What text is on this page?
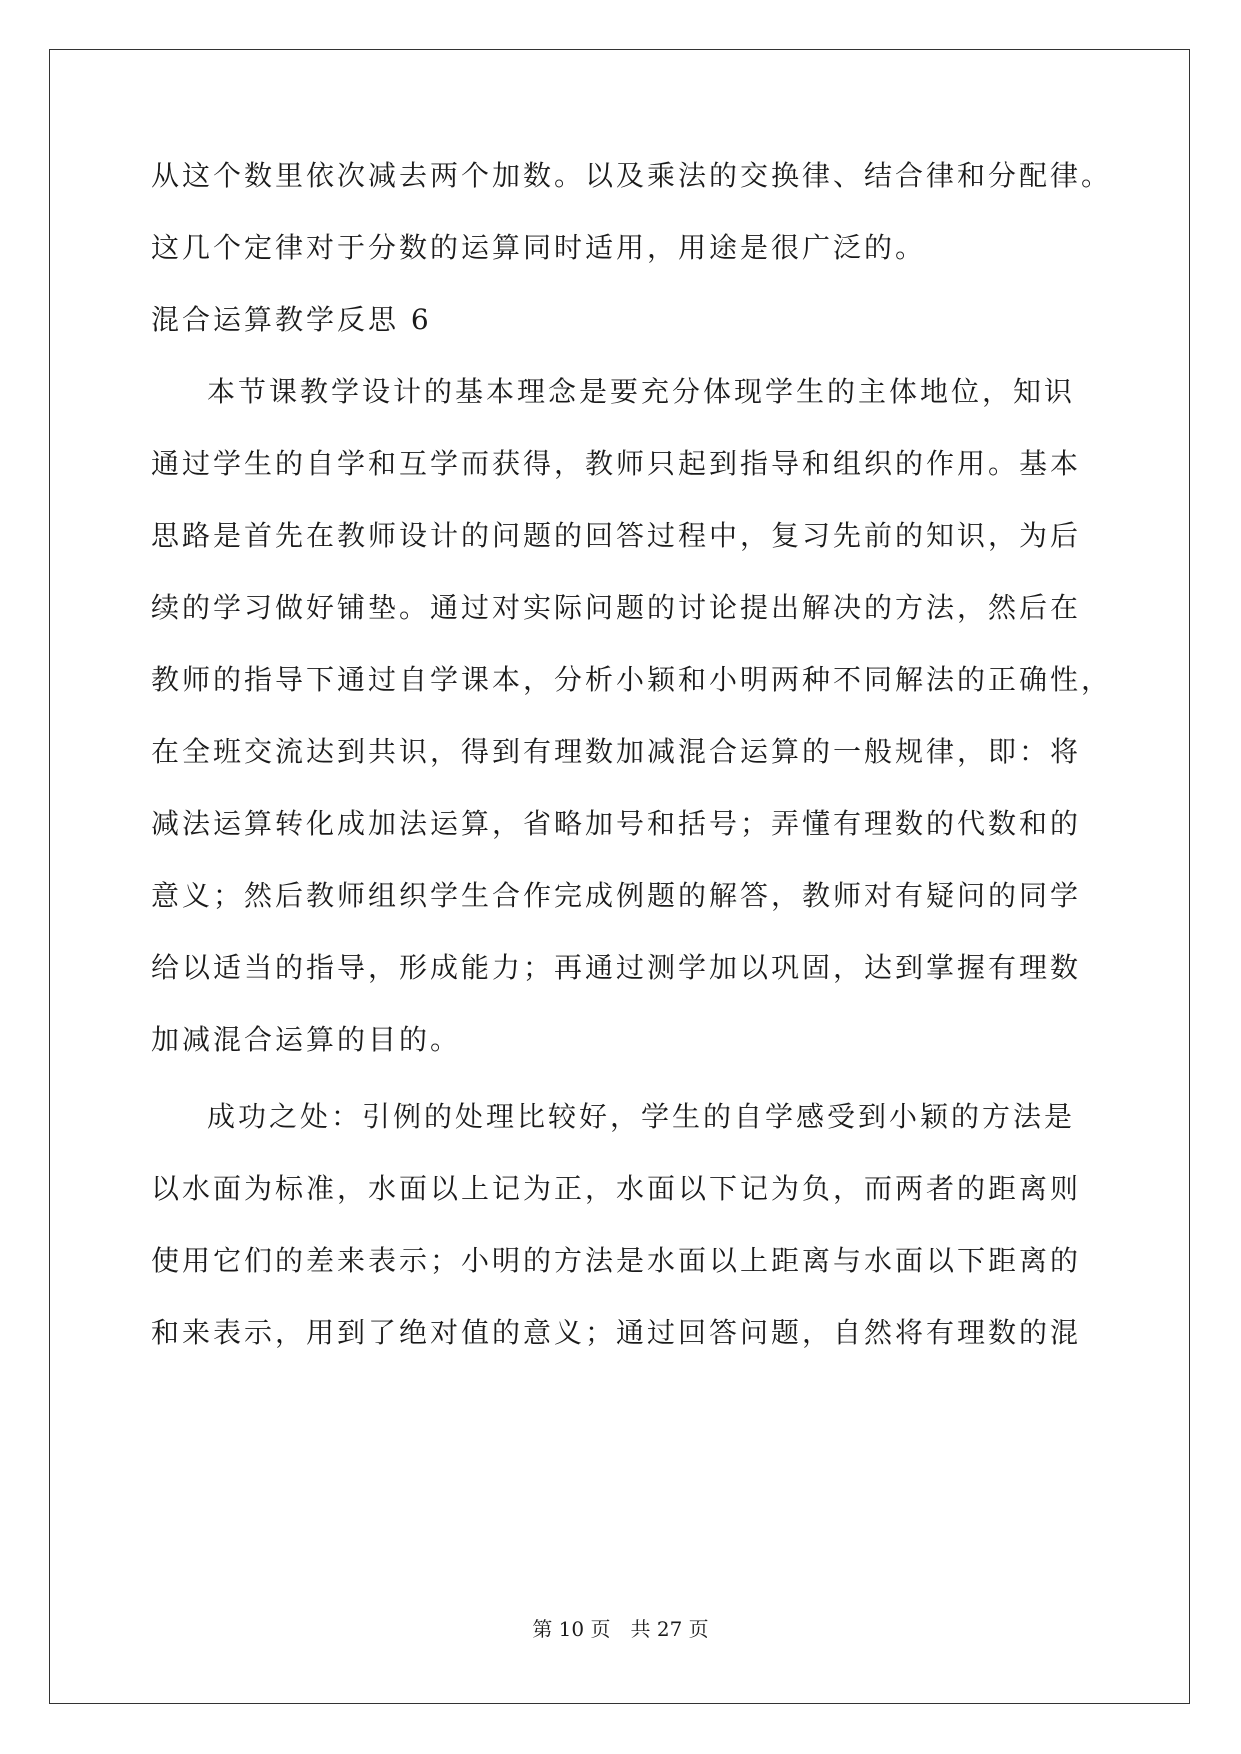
从这个数里依次减去两个加数。以及乘法的交换律、结合律和分配律。
这几个定律对于分数的运算同时适用，用途是很广泛的。
混合运算教学反思 6
本节课教学设计的基本理念是要充分体现学生的主体地位，知识
通过学生的自学和互学而获得，教师只起到指导和组织的作用。基本
思路是首先在教师设计的问题的回答过程中，复习先前的知识，为后
续的学习做好铺垫。通过对实际问题的讨论提出解决的方法，然后在
教师的指导下通过自学课本，分析小颖和小明两种不同解法的正确性，
在全班交流达到共识，得到有理数加减混合运算的一般规律，即：将
减法运算转化成加法运算，省略加号和括号；弄懂有理数的代数和的
意义；然后教师组织学生合作完成例题的解答，教师对有疑问的同学
给以适当的指导，形成能力；再通过测学加以巩固，达到掌握有理数
加减混合运算的目的。
成功之处：引例的处理比较好，学生的自学感受到小颖的方法是
以水面为标准，水面以上记为正，水面以下记为负，而两者的距离则
使用它们的差来表示；小明的方法是水面以上距离与水面以下距离的
和来表示，用到了绝对值的意义；通过回答问题，自然将有理数的混
第 10 页　共 27 页
